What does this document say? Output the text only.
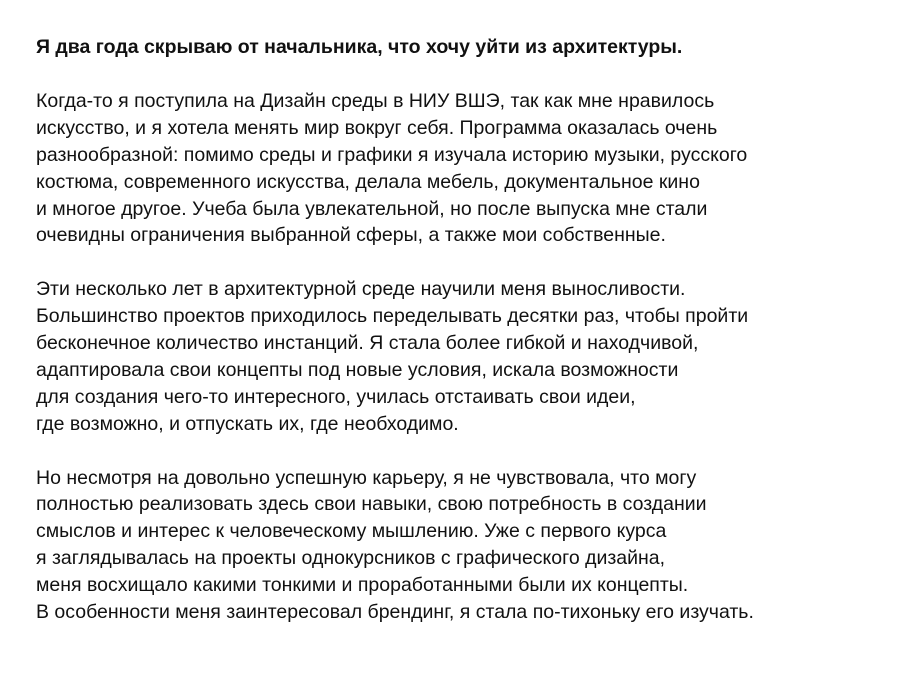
Я два года скрываю от начальника, что хочу уйти из архитектуры.
Когда-то я поступила на Дизайн среды в НИУ ВШЭ, так как мне нравилось
искусство, и я хотела менять мир вокруг себя. Программа оказалась очень
разнообразной: помимо среды и графики я изучала историю музыки, русского
костюма, современного искусства, делала мебель, документальное кино
и многое другое. Учеба была увлекательной, но после выпуска мне стали
очевидны ограничения выбранной сферы, а также мои собственные.
Эти несколько лет в архитектурной среде научили меня выносливости.
Большинство проектов приходилось переделывать десятки раз, чтобы пройти
бесконечное количество инстанций. Я стала более гибкой и находчивой,
адаптировала свои концепты под новые условия, искала возможности
для создания чего-то интересного, училась отстаивать свои идеи,
где возможно, и отпускать их, где необходимо.
Но несмотря на довольно успешную карьеру, я не чувствовала, что могу
полностью реализовать здесь свои навыки, свою потребность в создании
смыслов и интерес к человеческому мышлению. Уже с первого курса
я заглядывалась на проекты однокурсников с графического дизайна,
меня восхищало какими тонкими и проработанными были их концепты.
В особенности меня заинтересовал брендинг, я стала по-тихоньку его изучать.
